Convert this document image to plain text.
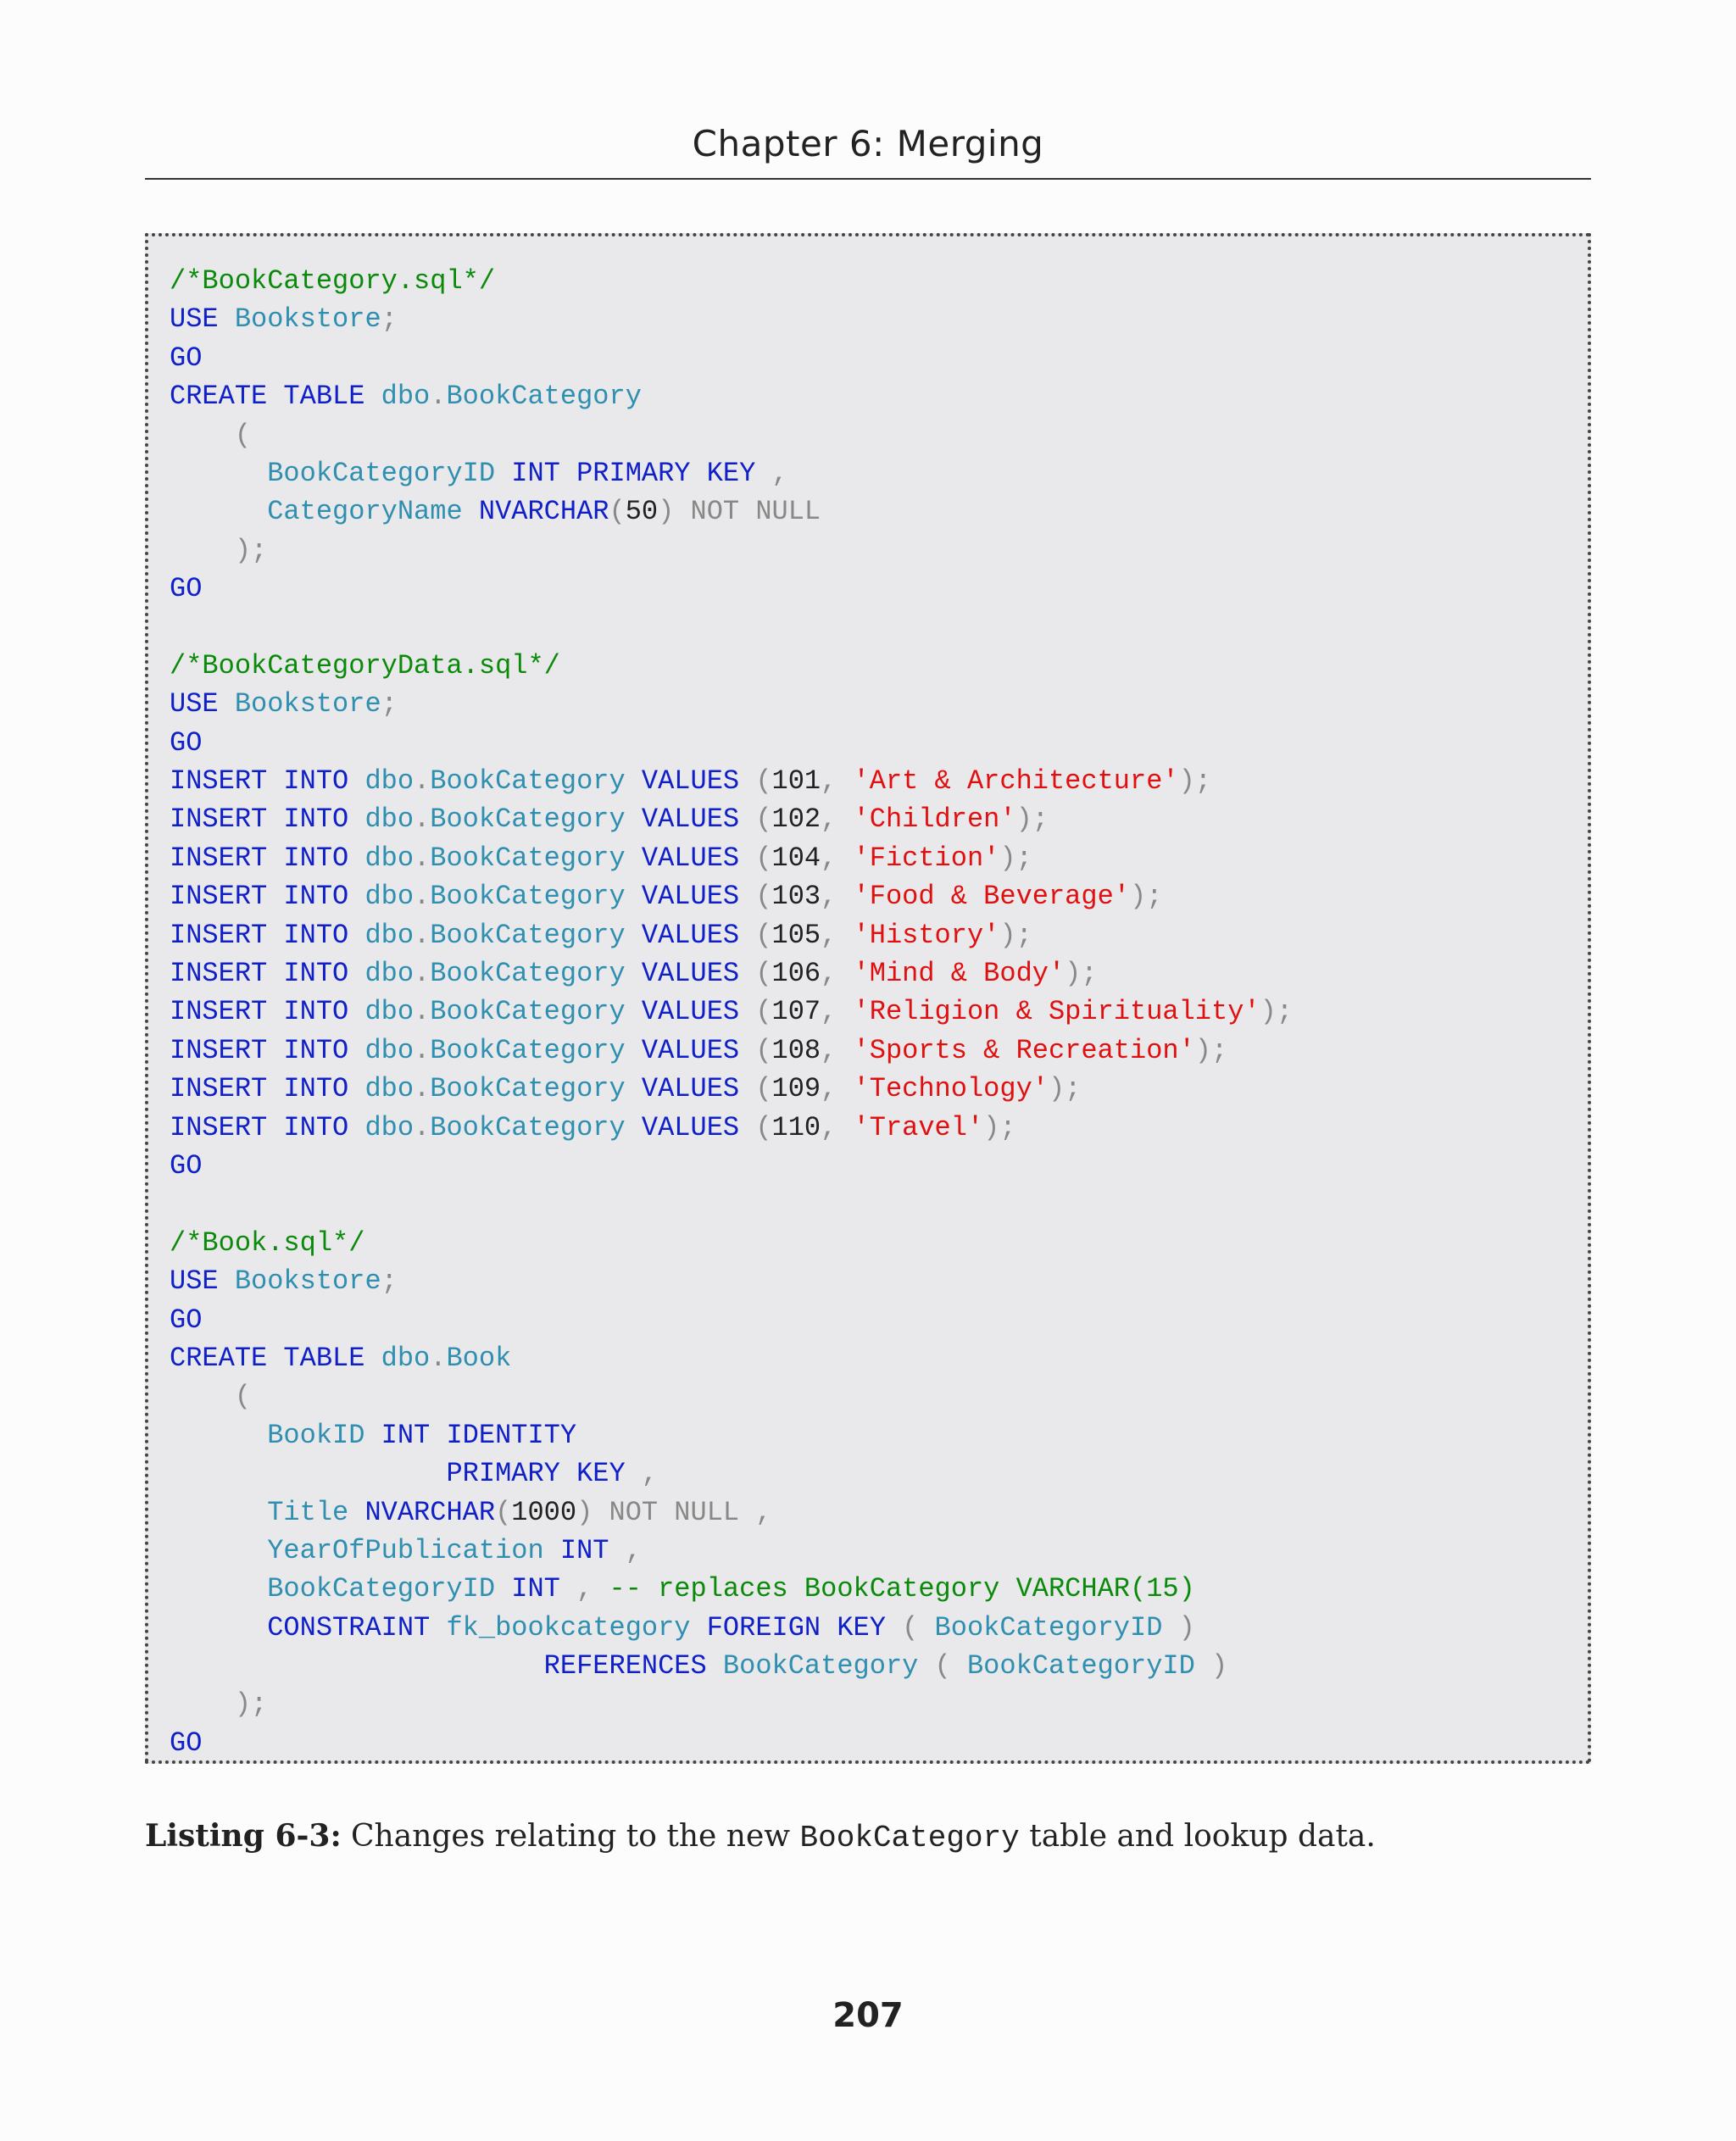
Chapter 6: Merging
/*BookCategory.sql*/
USE Bookstore;
GO
CREATE TABLE dbo.BookCategory
(
BookCategoryID INT PRIMARY KEY ,
CategoryName NVARCHAR(50) NOT NULL
);
GO
/*BookCategoryData.sql*/
USE Bookstore;
GO
INSERT INTO dbo.BookCategory VALUES (101, 'Art & Architecture');
INSERT INTO dbo.BookCategory VALUES (102, 'Children');
INSERT INTO dbo.BookCategory VALUES (104, 'Fiction');
INSERT INTO dbo.BookCategory VALUES (103, 'Food & Beverage');
INSERT INTO dbo.BookCategory VALUES (105, 'History');
INSERT INTO dbo.BookCategory VALUES (106, 'Mind & Body');
INSERT INTO dbo.BookCategory VALUES (107, 'Religion & Spirituality');
INSERT INTO dbo.BookCategory VALUES (108, 'Sports & Recreation');
INSERT INTO dbo.BookCategory VALUES (109, 'Technology');
INSERT INTO dbo.BookCategory VALUES (110, 'Travel');
GO
/*Book.sql*/
USE Bookstore;
GO
CREATE TABLE dbo.Book
(
BookID INT IDENTITY
PRIMARY KEY ,
Title NVARCHAR(1000) NOT NULL ,
YearOfPublication INT ,
BookCategoryID INT , -- replaces BookCategory VARCHAR(15)
CONSTRAINT fk_bookcategory FOREIGN KEY ( BookCategoryID )
REFERENCES BookCategory ( BookCategoryID )
);
GO
Listing 6-3: Changes relating to the new BookCategory table and lookup data.
207
